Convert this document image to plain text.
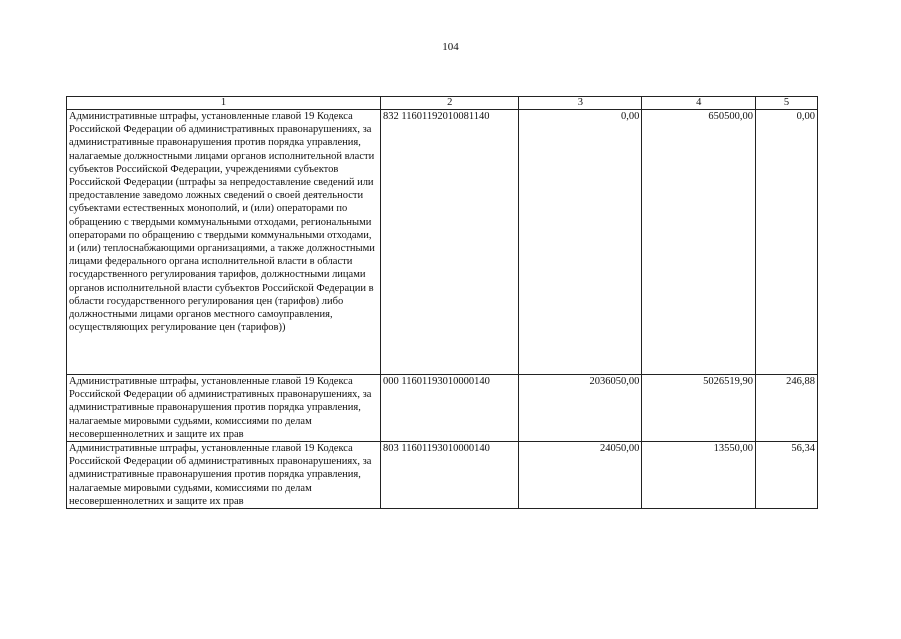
104
1	2	3	4	5
Административные штрафы, установленные главой 19 Кодекса Российской Федерации об административных правонарушениях, за административные правонарушения против порядка управления, налагаемые должностными лицами органов исполнительной власти субъектов Российской Федерации, учреждениями субъектов Российской Федерации (штрафы за непредоставление сведений или предоставление заведомо ложных сведений о своей деятельности субъектами естественных монополий, и (или) операторами по обращению с твердыми коммунальными отходами, региональными операторами по обращению с твердыми коммунальными отходами, и (или) теплоснабжающими организациями, а также должностными лицами федерального органа исполнительной власти в области государственного регулирования тарифов, должностными лицами органов исполнительной власти субъектов Российской Федерации в области государственного регулирования цен (тарифов) либо должностными лицами органов местного самоуправления, осуществляющих регулирование цен (тарифов))	832 11601192010081140	0,00	650500,00	0,00
Административные штрафы, установленные главой 19 Кодекса Российской Федерации об административных правонарушениях, за административные правонарушения против порядка управления, налагаемые мировыми судьями, комиссиями по делам несовершеннолетних и защите их прав	000 11601193010000140	2036050,00	5026519,90	246,88
Административные штрафы, установленные главой 19 Кодекса Российской Федерации об административных правонарушениях, за административные правонарушения против порядка управления, налагаемые мировыми судьями, комиссиями по делам несовершеннолетних и защите их прав	803 11601193010000140	24050,00	13550,00	56,34
